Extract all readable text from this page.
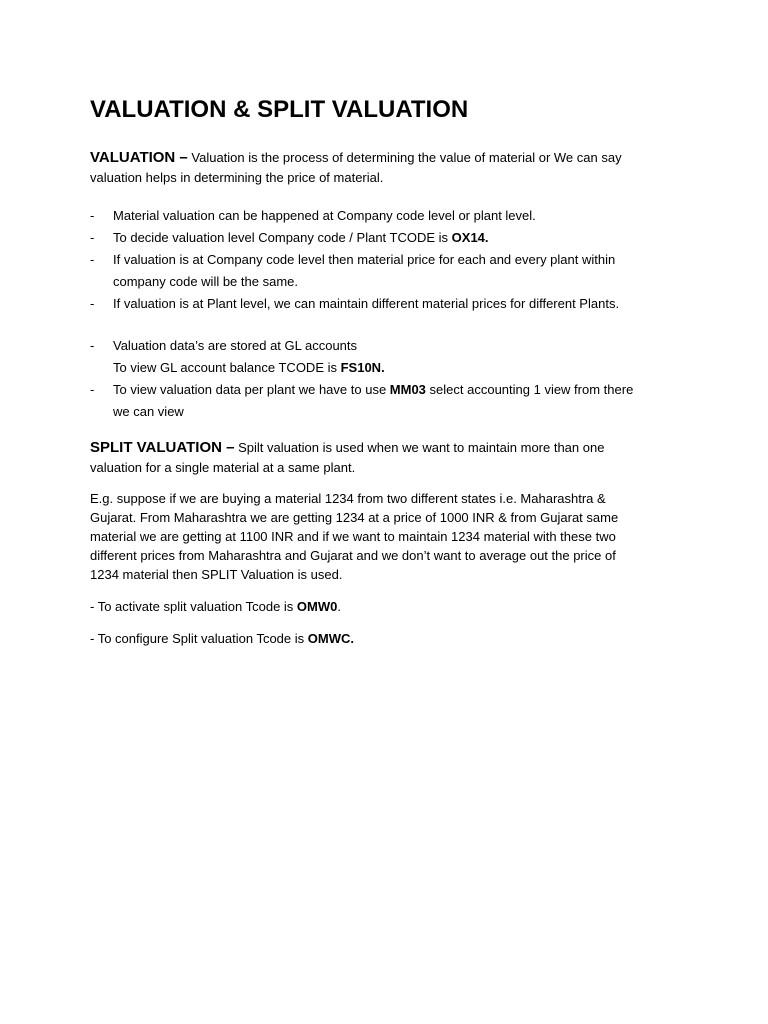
VALUATION & SPLIT VALUATION

VALUATION – Valuation is the process of determining the value of material or We can say
valuation helps in determining the price of material.

- Material valuation can be happened at Company code level or plant level.
- To decide valuation level Company code / Plant TCODE is OX14.
- If valuation is at Company code level then material price for each and every plant within
company code will be the same.
- If valuation is at Plant level, we can maintain different material prices for different Plants.
- Valuation data’s are stored at GL accounts
To view GL account balance TCODE is FS10N.
- To view valuation data per plant we have to use MM03 select accounting 1 view from there
we can view

SPLIT VALUATION – Spilt valuation is used when we want to maintain more than one
valuation for a single material at a same plant.

E.g. suppose if we are buying a material 1234 from two different states i.e. Maharashtra &
Gujarat. From Maharashtra we are getting 1234 at a price of 1000 INR & from Gujarat same
material we are getting at 1100 INR and if we want to maintain 1234 material with these two
different prices from Maharashtra and Gujarat and we don’t want to average out the price of
1234 material then SPLIT Valuation is used.

- To activate split valuation Tcode is OMW0.

- To configure Split valuation Tcode is OMWC.
